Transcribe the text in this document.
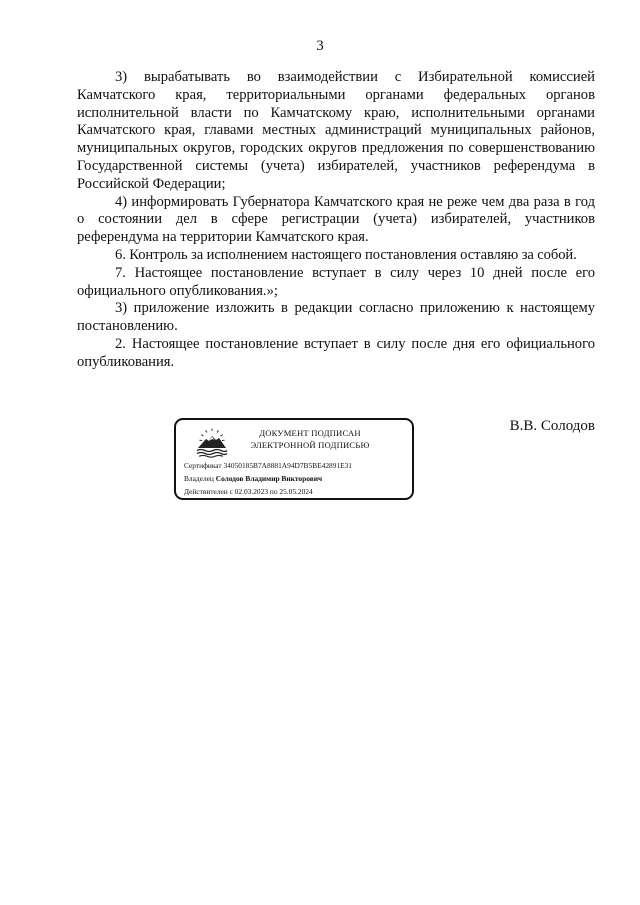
3

3) вырабатывать во взаимодействии с Избирательной комиссией Камчатского края, территориальными органами федеральных органов исполнительной власти по Камчатскому краю, исполнительными органами Камчатского края, главами местных администраций муниципальных районов, муниципальных округов, городских округов предложения по совершенствованию Государственной системы (учета) избирателей, участников референдума в Российской Федерации;

4) информировать Губернатора Камчатского края не реже чем два раза в год о состоянии дел в сфере регистрации (учета) избирателей, участников референдума на территории Камчатского края.

6. Контроль за исполнением настоящего постановления оставляю за собой.

7. Настоящее постановление вступает в силу через 10 дней после его официального опубликования.»;

3) приложение изложить в редакции согласно приложению к настоящему постановлению.

2. Настоящее постановление вступает в силу после дня его официального опубликования.

ДОКУМЕНТ ПОДПИСАН
ЭЛЕКТРОННОЙ ПОДПИСЬЮ
Сертификат 34050185B7A8881A94D7B5BE42891E31
Владелец Солодов Владимир Викторович
Действителен с 02.03.2023 по 25.05.2024
В.В. Солодов
